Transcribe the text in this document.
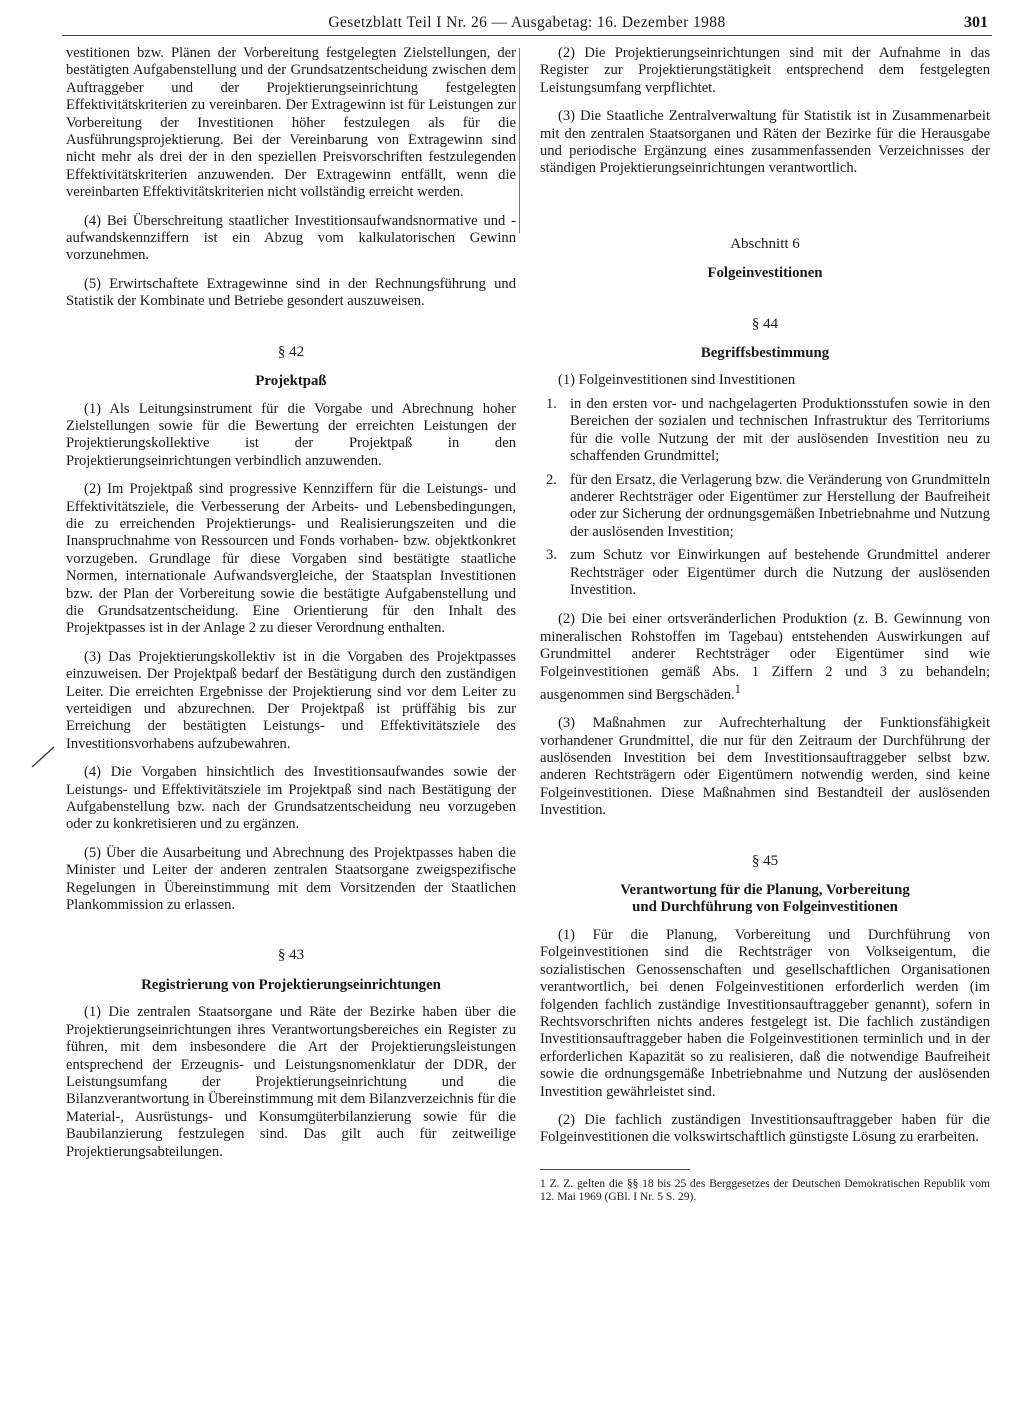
Gesetzblatt Teil I Nr. 26 — Ausgabetag: 16. Dezember 1988	301

vestitionen bzw. Plänen der Vorbereitung festgelegten Zielstellungen, der bestätigten Aufgabenstellung und der Grundsatzentscheidung zwischen dem Auftraggeber und der Projektierungseinrichtung festgelegten Effektivitätskriterien zu vereinbaren. Der Extragewinn ist für Leistungen zur Vorbereitung der Investitionen höher festzulegen als für die Ausführungsprojektierung. Bei der Vereinbarung von Extragewinn sind nicht mehr als drei der in den speziellen Preisvorschriften festzulegenden Effektivitätskriterien anzuwenden. Der Extragewinn entfällt, wenn die vereinbarten Effektivitätskriterien nicht vollständig erreicht werden.

(4) Bei Überschreitung staatlicher Investitionsaufwandsnormative und -aufwandskennziffern ist ein Abzug vom kalkulatorischen Gewinn vorzunehmen.

(5) Erwirtschaftete Extragewinne sind in der Rechnungsführung und Statistik der Kombinate und Betriebe gesondert auszuweisen.

§ 42
Projektpaß

(1) Als Leitungsinstrument für die Vorgabe und Abrechnung hoher Zielstellungen sowie für die Bewertung der erreichten Leistungen der Projektierungskollektive ist der Projektpaß in den Projektierungseinrichtungen verbindlich anzuwenden.

(2) Im Projektpaß sind progressive Kennziffern für die Leistungs- und Effektivitätsziele, die Verbesserung der Arbeits- und Lebensbedingungen, die zu erreichenden Projektierungs- und Realisierungszeiten und die Inanspruchnahme von Ressourcen und Fonds vorhaben- bzw. objektkonkret vorzugeben. Grundlage für diese Vorgaben sind bestätigte staatliche Normen, internationale Aufwandsvergleiche, der Staatsplan Investitionen bzw. der Plan der Vorbereitung sowie die bestätigte Aufgabenstellung und die Grundsatzentscheidung. Eine Orientierung für den Inhalt des Projektpasses ist in der Anlage 2 zu dieser Verordnung enthalten.

(3) Das Projektierungskollektiv ist in die Vorgaben des Projektpasses einzuweisen. Der Projektpaß bedarf der Bestätigung durch den zuständigen Leiter. Die erreichten Ergebnisse der Projektierung sind vor dem Leiter zu verteidigen und abzurechnen. Der Projektpaß ist prüffähig bis zur Erreichung der bestätigten Leistungs- und Effektivitätsziele des Investitionsvorhabens aufzubewahren.

(4) Die Vorgaben hinsichtlich des Investitionsaufwandes sowie der Leistungs- und Effektivitätsziele im Projektpaß sind nach Bestätigung der Aufgabenstellung bzw. nach der Grundsatzentscheidung neu vorzugeben oder zu konkretisieren und zu ergänzen.

(5) Über die Ausarbeitung und Abrechnung des Projektpasses haben die Minister und Leiter der anderen zentralen Staatsorgane zweigspezifische Regelungen in Übereinstimmung mit dem Vorsitzenden der Staatlichen Plankommission zu erlassen.

§ 43
Registrierung von Projektierungseinrichtungen

(1) Die zentralen Staatsorgane und Räte der Bezirke haben über die Projektierungseinrichtungen ihres Verantwortungsbereiches ein Register zu führen, mit dem insbesondere die Art der Projektierungsleistungen entsprechend der Erzeugnis- und Leistungsnomenklatur der DDR, der Leistungsumfang der Projektierungseinrichtung und die Bilanzverantwortung in Übereinstimmung mit dem Bilanzverzeichnis für die Material-, Ausrüstungs- und Konsumgüterbilanzierung sowie für die Baubilanzierung festzulegen sind. Das gilt auch für zeitweilige Projektierungsabteilungen.

(2) Die Projektierungseinrichtungen sind mit der Aufnahme in das Register zur Projektierungstätigkeit entsprechend dem festgelegten Leistungsumfang verpflichtet.

(3) Die Staatliche Zentralverwaltung für Statistik ist in Zusammenarbeit mit den zentralen Staatsorganen und Räten der Bezirke für die Herausgabe und periodische Ergänzung eines zusammenfassenden Verzeichnisses der ständigen Projektierungseinrichtungen verantwortlich.

Abschnitt 6
Folgeinvestitionen
§ 44
Begriffsbestimmung

(1) Folgeinvestitionen sind Investitionen

1. in den ersten vor- und nachgelagerten Produktionsstufen sowie in den Bereichen der sozialen und technischen Infrastruktur des Territoriums für die volle Nutzung der mit der auslösenden Investition neu zu schaffenden Grundmittel;
2. für den Ersatz, die Verlagerung bzw. die Veränderung von Grundmitteln anderer Rechtsträger oder Eigentümer zur Herstellung der Baufreiheit oder zur Sicherung der ordnungsgemäßen Inbetriebnahme und Nutzung der auslösenden Investition;
3. zum Schutz vor Einwirkungen auf bestehende Grundmittel anderer Rechtsträger oder Eigentümer durch die Nutzung der auslösenden Investition.

(2) Die bei einer ortsveränderlichen Produktion (z. B. Gewinnung von mineralischen Rohstoffen im Tagebau) entstehenden Auswirkungen auf Grundmittel anderer Rechtsträger oder Eigentümer sind wie Folgeinvestitionen gemäß Abs. 1 Ziffern 2 und 3 zu behandeln; ausgenommen sind Bergschäden.$^1$

(3) Maßnahmen zur Aufrechterhaltung der Funktionsfähigkeit vorhandener Grundmittel, die nur für den Zeitraum der Durchführung der auslösenden Investition bei dem Investitionsauftraggeber selbst bzw. anderen Rechtsträgern oder Eigentümern notwendig werden, sind keine Folgeinvestitionen. Diese Maßnahmen sind Bestandteil der auslösenden Investition.

§ 45
Verantwortung für die Planung, Vorbereitung
und Durchführung von Folgeinvestitionen

(1) Für die Planung, Vorbereitung und Durchführung von Folgeinvestitionen sind die Rechtsträger von Volkseigentum, die sozialistischen Genossenschaften und gesellschaftlichen Organisationen verantwortlich, bei denen Folgeinvestitionen erforderlich werden (im folgenden fachlich zuständige Investitionsauftraggeber genannt), sofern in Rechtsvorschriften nichts anderes festgelegt ist. Die fachlich zuständigen Investitionsauftraggeber haben die Folgeinvestitionen terminlich und in der erforderlichen Kapazität so zu realisieren, daß die notwendige Baufreiheit sowie die ordnungsgemäße Inbetriebnahme und Nutzung der auslösenden Investition gewährleistet sind.

(2) Die fachlich zuständigen Investitionsauftraggeber haben für die Folgeinvestitionen die volkswirtschaftlich günstigste Lösung zu erarbeiten.

1 Z. Z. gelten die §§ 18 bis 25 des Berggesetzes der Deutschen Demokratischen Republik vom 12. Mai 1969 (GBl. I Nr. 5 S. 29).
